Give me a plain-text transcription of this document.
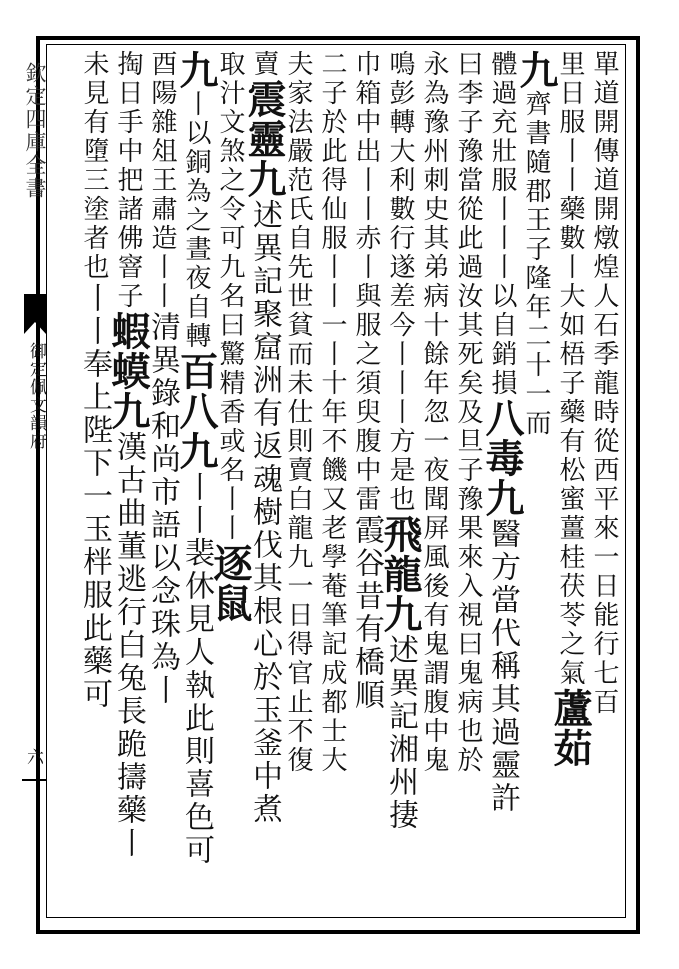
欽定四庫全書
御定佩文韻府
六
單道開傳道開燉煌人石季龍時從西平來一日能行七百
里日服丨丨藥數丨大如梧子藥有松蜜薑桂茯苓之氣蘆茹
九齊書隨郡王子隆年二十一而
體過充壯服丨丨丨以自銷損八毒九醫方當代稱其過靈許
曰李子豫當從此過汝其死矣及旦子豫果來入視曰鬼病也於
永為豫州刺史其弟病十餘年忽一夜聞屏風後有鬼謂腹中鬼
鳴彭轉大利數行遂差今丨丨丨方是也飛龍九述異記湘州捿
巾箱中出丨丨赤丨與服之須臾腹中雷霞谷昔有橋順
二子於此得仙服丨丨一丨十年不饑又老學菴筆記成都士大
夫家法嚴范氏自先世貧而未仕則賣白龍九一日得官止不復
賣震靈九述異記聚窟洲有返魂樹伐其根心於玉釜中煮
取汁文煞之令可九名曰驚精香或名丨丨逐鼠
九丨以銅為之晝夜自轉百八九丨丨裴休見人執此則喜色可
酉陽雜俎王肅造丨丨清異錄和尚市語以念珠為丨
掏日手中把諸佛窨子蝦蟆九漢古曲董逃行白兔長跪擣藥丨
未見有墮三塗者也丨丨奉上陛下一玉柈服此藥可
